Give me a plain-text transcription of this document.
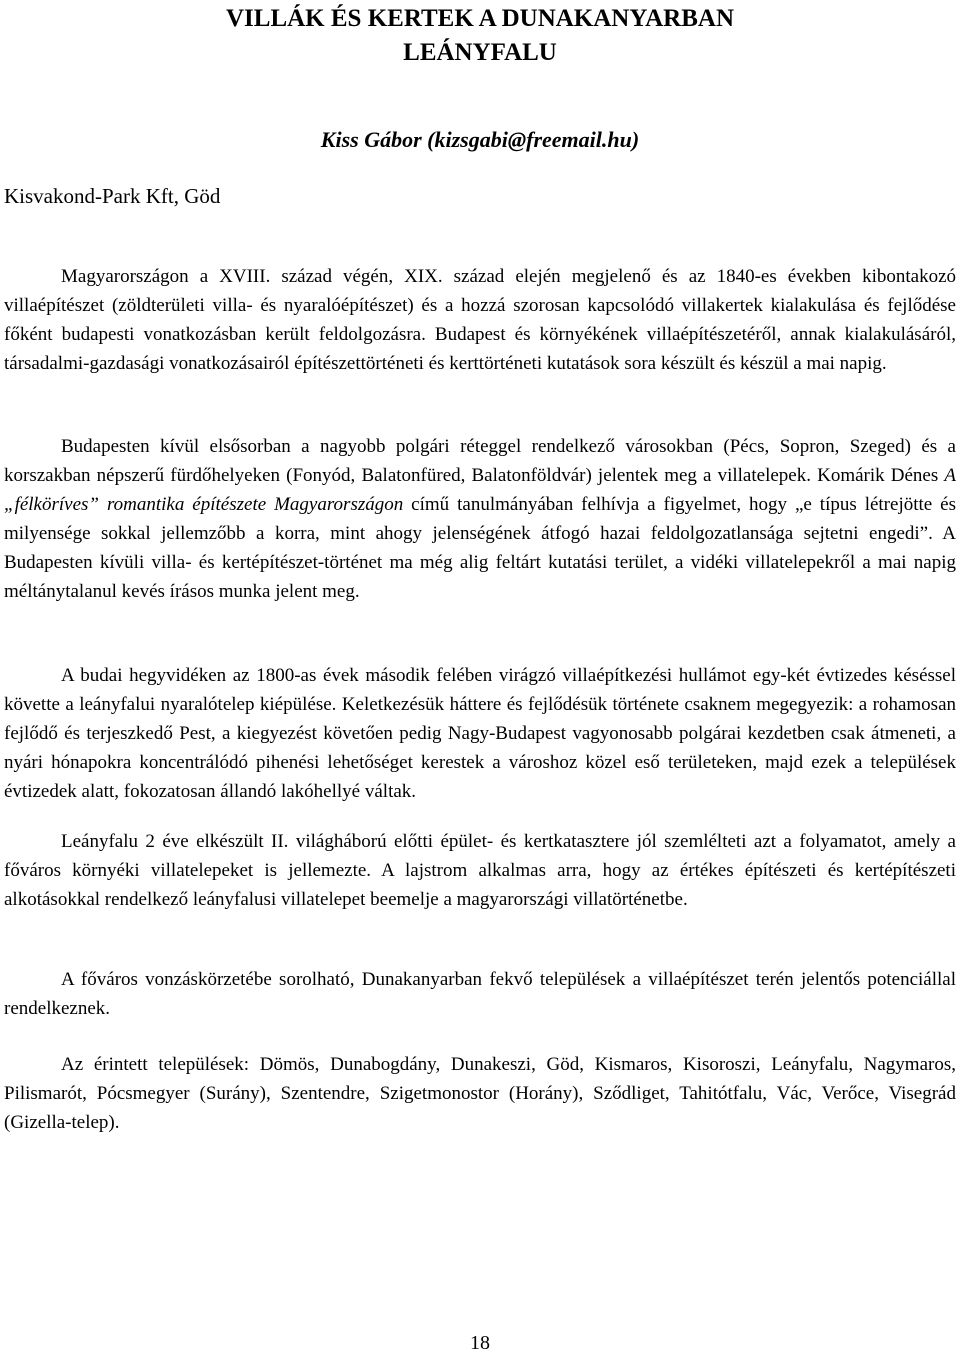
VILLÁK ÉS KERTEK A DUNAKANYARBAN
LEÁNYFALU
Kiss Gábor (kizsgabi@freemail.hu)
Kisvakond-Park Kft, Göd

Magyarországon a XVIII. század végén, XIX. század elején megjelenő és az 1840-es években kibontakozó villaépítészet (zöldterületi villa- és nyaralóépítészet) és a hozzá szorosan kapcsolódó villakertek kialakulása és fejlődése főként budapesti vonatkozásban került feldolgozásra. Budapest és környékének villaépítészetéről, annak kialakulásáról, társadalmi-gazdasági vonatkozásairól építészettörténeti és kerttörténeti kutatások sora készült és készül a mai napig.

Budapesten kívül elsősorban a nagyobb polgári réteggel rendelkező városokban (Pécs, Sopron, Szeged) és a korszakban népszerű fürdőhelyeken (Fonyód, Balatonfüred, Balatonföldvár) jelentek meg a villatelepek. Komárik Dénes A „félköríves” romantika építészete Magyarországon című tanulmányában felhívja a figyelmet, hogy „e típus létrejötte és milyensége sokkal jellemzőbb a korra, mint ahogy jelenségének átfogó hazai feldolgozatlansága sejtetni engedi”. A Budapesten kívüli villa- és kertépítészet-történet ma még alig feltárt kutatási terület, a vidéki villatelepekről a mai napig méltánytalanul kevés írásos munka jelent meg.

A budai hegyvidéken az 1800-as évek második felében virágzó villaépítkezési hullámot egy-két évtizedes késéssel követte a leányfalui nyaralótelep kiépülése. Keletkezésük háttere és fejlődésük története csaknem megegyezik: a rohamosan fejlődő és terjeszkedő Pest, a kiegyezést követően pedig Nagy-Budapest vagyonosabb polgárai kezdetben csak átmeneti, a nyári hónapokra koncentrálódó pihenési lehetőséget kerestek a városhoz közel eső területeken, majd ezek a települések évtizedek alatt, fokozatosan állandó lakóhellyé váltak.

Leányfalu 2 éve elkészült II. világháború előtti épület- és kertkatasztere jól szemlélteti azt a folyamatot, amely a főváros környéki villatelepeket is jellemezte. A lajstrom alkalmas arra, hogy az értékes építészeti és kertépítészeti alkotásokkal rendelkező leányfalusi villatelepet beemelje a magyarországi villatörténetbe.

A főváros vonzáskörzetébe sorolható, Dunakanyarban fekvő települések a villaépítészet terén jelentős potenciállal rendelkeznek.

Az érintett települések: Dömös, Dunabogdány, Dunakeszi, Göd, Kismaros, Kisoroszi, Leányfalu, Nagymaros, Pilismarót, Pócsmegyer (Surány), Szentendre, Szigetmonostor (Horány), Sződliget, Tahitótfalu, Vác, Verőce, Visegrád (Gizella-telep).

18
